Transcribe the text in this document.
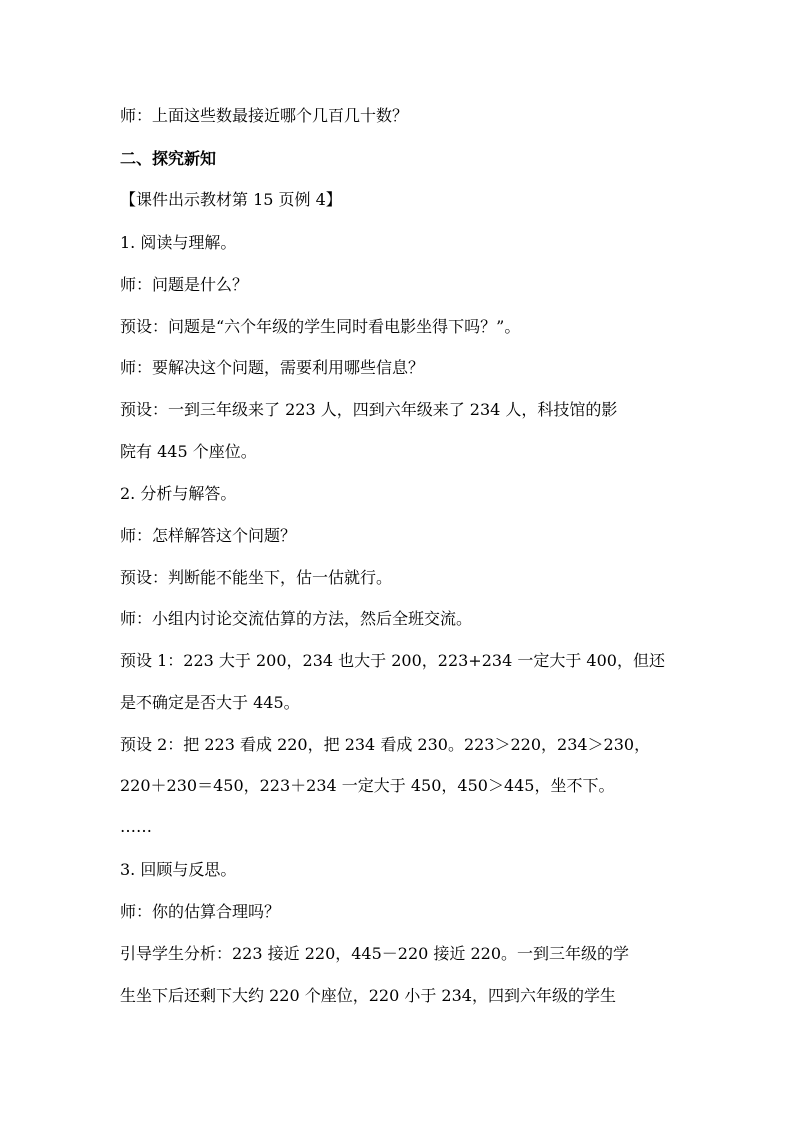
师：上面这些数最接近哪个几百几十数？
二、探究新知
【课件出示教材第 15 页例 4】
1. 阅读与理解。
师：问题是什么？
预设：问题是“六个年级的学生同时看电影坐得下吗？”。
师：要解决这个问题，需要利用哪些信息？
预设：一到三年级来了 223 人，四到六年级来了 234 人，科技馆的影
院有 445 个座位。
2. 分析与解答。
师：怎样解答这个问题？
预设：判断能不能坐下，估一估就行。
师：小组内讨论交流估算的方法，然后全班交流。
预设 1：223 大于 200，234 也大于 200，223+234 一定大于 400，但还
是不确定是否大于 445。
预设 2：把 223 看成 220，把 234 看成 230。223＞220，234＞230，
220＋230＝450，223＋234 一定大于 450，450＞445，坐不下。
……
3. 回顾与反思。
师：你的估算合理吗？
引导学生分析：223 接近 220，445－220 接近 220。一到三年级的学
生坐下后还剩下大约 220 个座位，220 小于 234，四到六年级的学生
